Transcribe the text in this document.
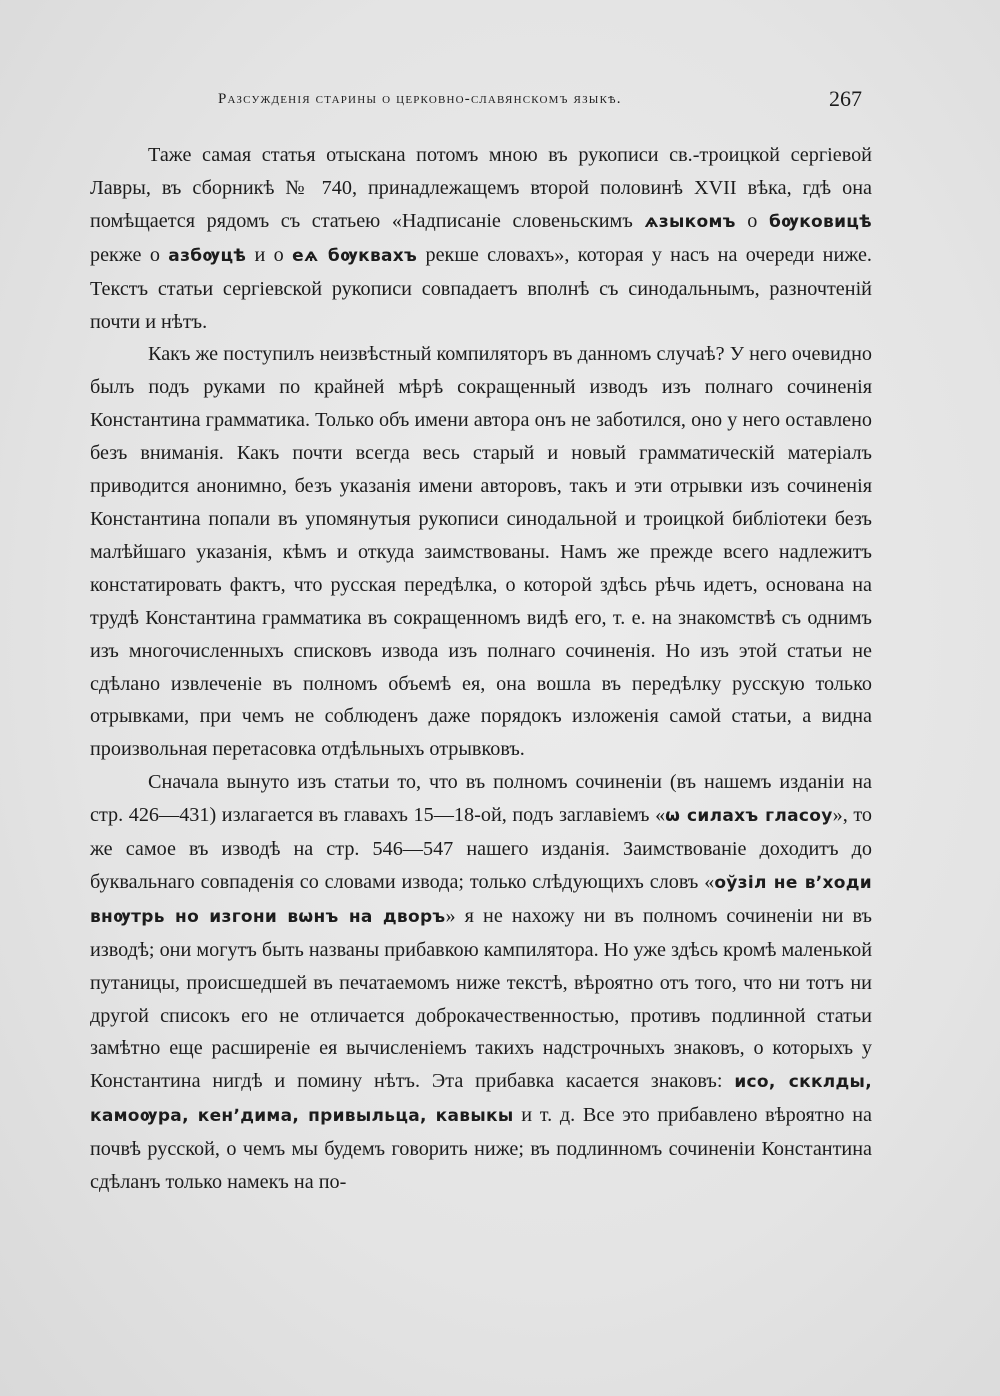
Разсужденія старины о церковно-славянскомъ языкѣ.	267

Таже самая статья отыскана потомъ мною въ рукописи св.-троицкой сергіевой Лавры, въ сборникѣ № 740, принадлежащемъ второй половинѣ XVII вѣка, гдѣ она помѣщается рядомъ съ статьею «Надписаніе словеньскимъ ѧзыкомъ о бѹковицѣ рекже о азбѹцѣ и о еѧ бѹквахъ рекше словахъ», которая у насъ на очереди ниже. Текстъ статьи сергіевской рукописи совпадаетъ вполнѣ съ синодальнымъ, разночтеній почти и нѣтъ.

Какъ же поступилъ неизвѣстный компиляторъ въ данномъ случаѣ? У него очевидно былъ подъ руками по крайней мѣрѣ сокращенный изводъ изъ полнаго сочиненія Константина грамматика. Только объ имени автора онъ не заботился, оно у него оставлено безъ вниманія. Какъ почти всегда весь старый и новый грамматическій матеріалъ приводится анонимно, безъ указанія имени авторовъ, такъ и эти отрывки изъ сочиненія Константина попали въ упомянутыя рукописи синодальной и троицкой библіотеки безъ малѣйшаго указанія, кѣмъ и откуда заимствованы. Намъ же прежде всего надлежитъ констатировать фактъ, что русская передѣлка, о которой здѣсь рѣчь идетъ, основана на трудѣ Константина грамматика въ сокращенномъ видѣ его, т. е. на знакомствѣ съ однимъ изъ многочисленныхъ списковъ извода изъ полнаго сочиненія. Но изъ этой статьи не сдѣлано извлеченіе въ полномъ объемѣ ея, она вошла въ передѣлку русскую только отрывками, при чемъ не соблюденъ даже порядокъ изложенія самой статьи, а видна произвольная перетасовка отдѣльныхъ отрывковъ.

Сначала вынуто изъ статьи то, что въ полномъ сочиненіи (въ нашемъ изданіи на стр. 426—431) излагается въ главахъ 15—18-ой, подъ заглавіемъ «ѡ силахъ гласоу», то же самое въ изводѣ на стр. 546—547 нашего изданія. Заимствованіе доходитъ до буквальнаго совпаденія со словами извода; только слѣдующихъ словъ «оўзіл не вʼходи внѹтрь но изгони вѡнъ на дворъ» я не нахожу ни въ полномъ сочиненіи ни въ изводѣ; они могутъ быть названы прибавкою кампилятора. Но уже здѣсь кромѣ маленькой путаницы, происшедшей въ печатаемомъ ниже текстѣ, вѣроятно отъ того, что ни тотъ ни другой списокъ его не отличается доброкачественностью, противъ подлинной статьи замѣтно еще расширеніе ея вычисленіемъ такихъ надстрочныхъ знаковъ, о которыхъ у Константина нигдѣ и помину нѣтъ. Эта прибавка касается знаковъ: исо, скклды, камоѹра, кенʼдима, привыльца, кавыкы и т. д. Все это прибавлено вѣроятно на почвѣ русской, о чемъ мы будемъ говорить ниже; въ подлинномъ сочиненіи Константина сдѣланъ только намекъ на по-
